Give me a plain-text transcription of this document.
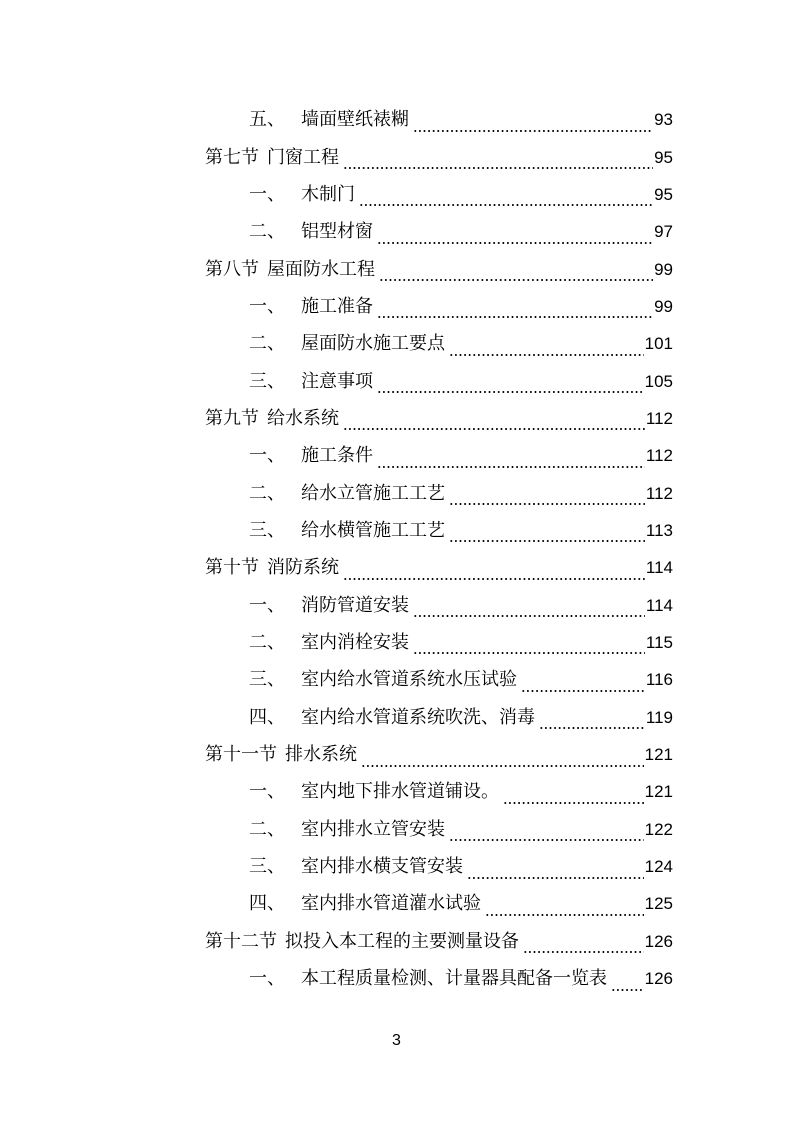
五、 墙面壁纸裱糊	93
第七节 门窗工程	95
一、 木制门	95
二、 铝型材窗	97
第八节 屋面防水工程	99
一、 施工准备	99
二、 屋面防水施工要点	101
三、 注意事项	105
第九节 给水系统	112
一、 施工条件	112
二、 给水立管施工工艺	112
三、 给水横管施工工艺	113
第十节 消防系统	114
一、 消防管道安装	114
二、 室内消栓安装	115
三、 室内给水管道系统水压试验	116
四、 室内给水管道系统吹洗、消毒	119
第十一节 排水系统	121
一、 室内地下排水管道铺设。	121
二、 室内排水立管安装	122
三、 室内排水横支管安装	124
四、 室内排水管道灌水试验	125
第十二节 拟投入本工程的主要测量设备	126
一、 本工程质量检测、计量器具配备一览表 126
3
